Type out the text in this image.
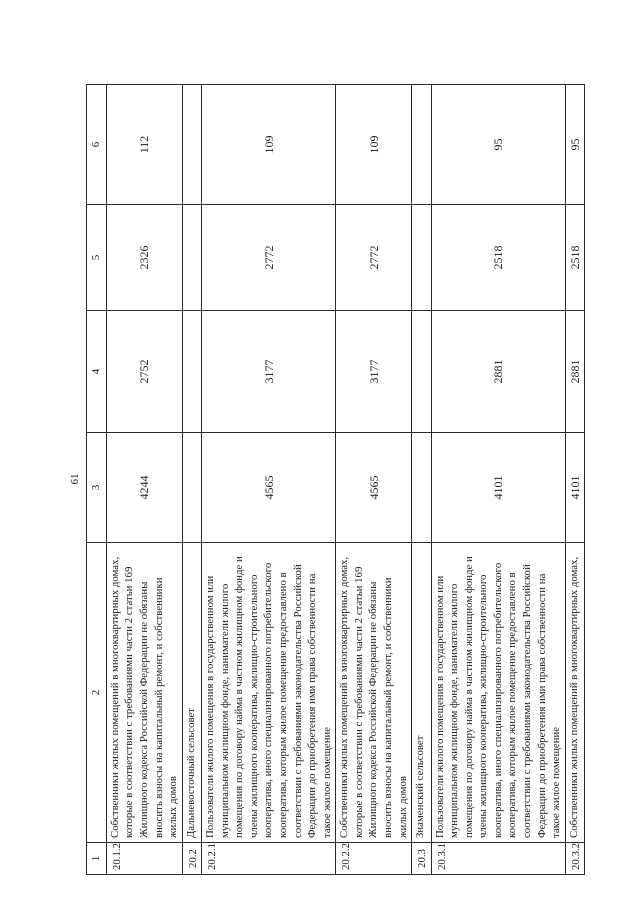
61
1	2	3	4	5	6
20.1.2	Собственники жилых помещений в многоквартирных домах, которые в соответствии с требованиями части 2 статьи 169 Жилищного кодекса Российской Федерации не обязаны вносить взносы на капитальный ремонт, и собственники жилых домов	4244	2752	2326	112
20.2	Дальневосточный сельсовет				
20.2.1	Пользователи жилого помещения в государственном или муниципальном жилищном фонде, наниматели жилого помещения по договору найма в частном жилищном фонде и члены жилищного кооператива, жилищно-строительного кооператива, иного специализированного потребительского кооператива, которым жилое помещение предоставлено в соответствии с требованиями законодательства Российской Федерации до приобретения ими права собственности на такое жилое помещение	4565	3177	2772	109
20.2.2	Собственники жилых помещений в многоквартирных домах, которые в соответствии с требованиями части 2 статьи 169 Жилищного кодекса Российской Федерации не обязаны вносить взносы на капитальный ремонт, и собственники жилых домов	4565	3177	2772	109
20.3	Знаменский сельсовет				
20.3.1	Пользователи жилого помещения в государственном или муниципальном жилищном фонде, наниматели жилого помещения по договору найма в частном жилищном фонде и члены жилищного кооператива, жилищно-строительного кооператива, иного специализированного потребительского кооператива, которым жилое помещение предоставлено в соответствии с требованиями законодательства Российской Федерации до приобретения ими права собственности на такое жилое помещение	4101	2881	2518	95
20.3.2	Собственники жилых помещений в многоквартирных домах,	4101	2881	2518	95
